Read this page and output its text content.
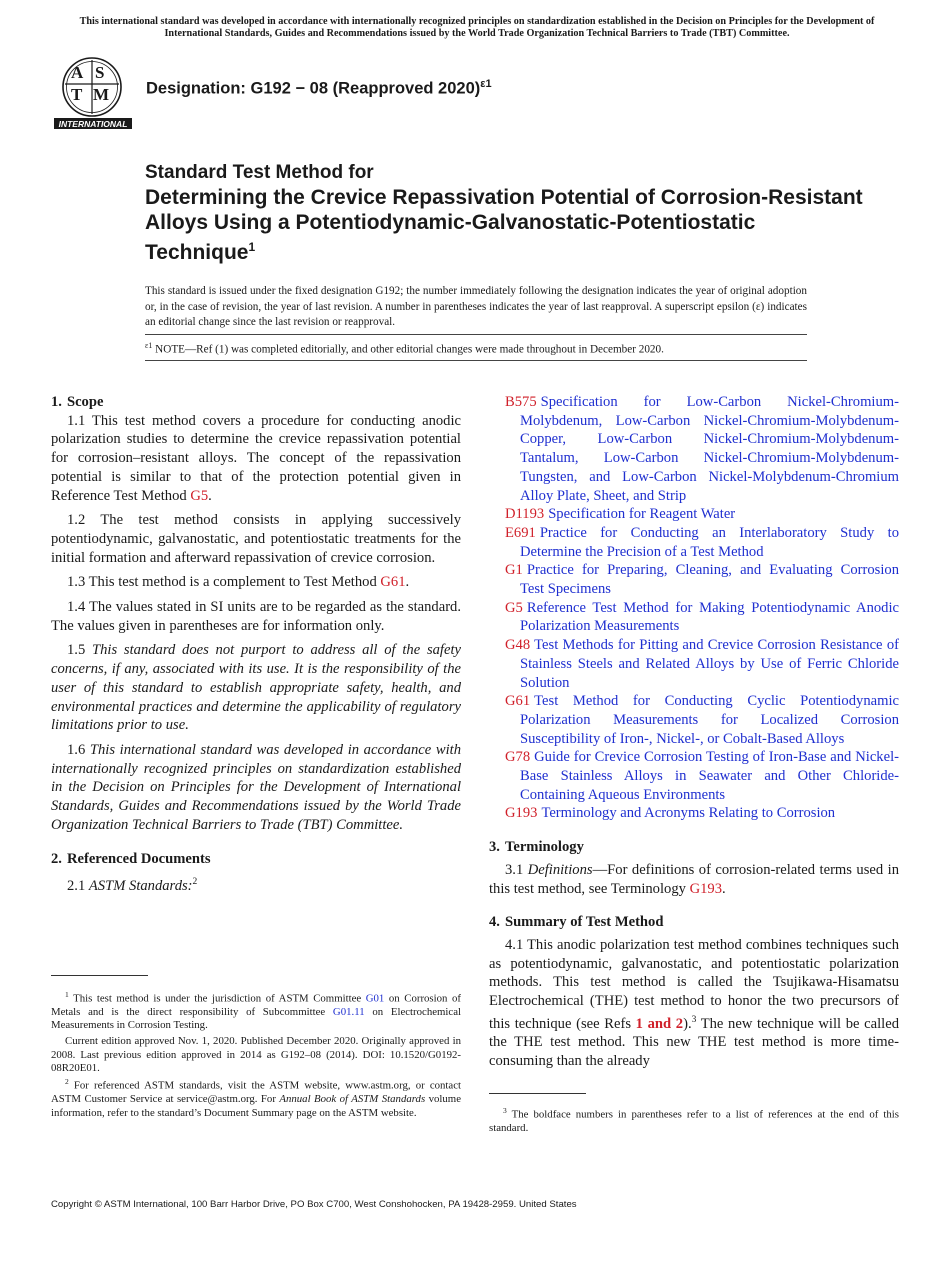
This international standard was developed in accordance with internationally recognized principles on standardization established in the Decision on Principles for the Development of International Standards, Guides and Recommendations issued by the World Trade Organization Technical Barriers to Trade (TBT) Committee.
A S
T M
INTERNATIONAL
Designation: G192 − 08 (Reapproved 2020)$^{\varepsilon 1}$
Standard Test Method for
Determining the Crevice Repassivation Potential of Corrosion-Resistant Alloys Using a Potentiodynamic-Galvanostatic-Potentiostatic Technique$^1$
This standard is issued under the fixed designation G192; the number immediately following the designation indicates the year of original adoption or, in the case of revision, the year of last revision. A number in parentheses indicates the year of last reapproval. A superscript epsilon (ε) indicates an editorial change since the last revision or reapproval.
$^{\varepsilon 1}$ NOTE—Ref (1) was completed editorially, and other editorial changes were made throughout in December 2020.
1. Scope

1.1 This test method covers a procedure for conducting anodic polarization studies to determine the crevice repassivation potential for corrosion–resistant alloys. The concept of the repassivation potential is similar to that of the protection potential given in Reference Test Method G5.

1.2 The test method consists in applying successively potentiodynamic, galvanostatic, and potentiostatic treatments for the initial formation and afterward repassivation of crevice corrosion.

1.3 This test method is a complement to Test Method G61.

1.4 The values stated in SI units are to be regarded as the standard. The values given in parentheses are for information only.

1.5 This standard does not purport to address all of the safety concerns, if any, associated with its use. It is the responsibility of the user of this standard to establish appropriate safety, health, and environmental practices and determine the applicability of regulatory limitations prior to use.

1.6 This international standard was developed in accordance with internationally recognized principles on standardization established in the Decision on Principles for the Development of International Standards, Guides and Recommendations issued by the World Trade Organization Technical Barriers to Trade (TBT) Committee.

2. Referenced Documents

2.1 ASTM Standards:$^2$

$^1$ This test method is under the jurisdiction of ASTM Committee G01 on Corrosion of Metals and is the direct responsibility of Subcommittee G01.11 on Electrochemical Measurements in Corrosion Testing.

Current edition approved Nov. 1, 2020. Published December 2020. Originally approved in 2008. Last previous edition approved in 2014 as G192–08 (2014). DOI: 10.1520/G0192-08R20E01.

$^2$ For referenced ASTM standards, visit the ASTM website, www.astm.org, or contact ASTM Customer Service at service@astm.org. For Annual Book of ASTM Standards volume information, refer to the standard’s Document Summary page on the ASTM website.

B575 Specification for Low-Carbon Nickel-Chromium-Molybdenum, Low-Carbon Nickel-Chromium-Molybdenum-Copper, Low-Carbon Nickel-Chromium-Molybdenum-Tantalum, Low-Carbon Nickel-Chromium-Molybdenum-Tungsten, and Low-Carbon Nickel-Molybdenum-Chromium Alloy Plate, Sheet, and Strip
D1193 Specification for Reagent Water
E691 Practice for Conducting an Interlaboratory Study to Determine the Precision of a Test Method
G1 Practice for Preparing, Cleaning, and Evaluating Corrosion Test Specimens
G5 Reference Test Method for Making Potentiodynamic Anodic Polarization Measurements
G48 Test Methods for Pitting and Crevice Corrosion Resistance of Stainless Steels and Related Alloys by Use of Ferric Chloride Solution
G61 Test Method for Conducting Cyclic Potentiodynamic Polarization Measurements for Localized Corrosion Susceptibility of Iron-, Nickel-, or Cobalt-Based Alloys
G78 Guide for Crevice Corrosion Testing of Iron-Base and Nickel-Base Stainless Alloys in Seawater and Other Chloride-Containing Aqueous Environments
G193 Terminology and Acronyms Relating to Corrosion
3. Terminology

3.1 Definitions—For definitions of corrosion-related terms used in this test method, see Terminology G193.

4. Summary of Test Method

4.1 This anodic polarization test method combines techniques such as potentiodynamic, galvanostatic, and potentiostatic polarization methods. This test method is called the Tsujikawa-Hisamatsu Electrochemical (THE) test method to honor the two precursors of this technique (see Refs 1 and 2).$^3$ The new technique will be called the THE test method. This new THE test method is more time-consuming than the already

$^3$ The boldface numbers in parentheses refer to a list of references at the end of this standard.

Copyright © ASTM International, 100 Barr Harbor Drive, PO Box C700, West Conshohocken, PA 19428-2959. United States
